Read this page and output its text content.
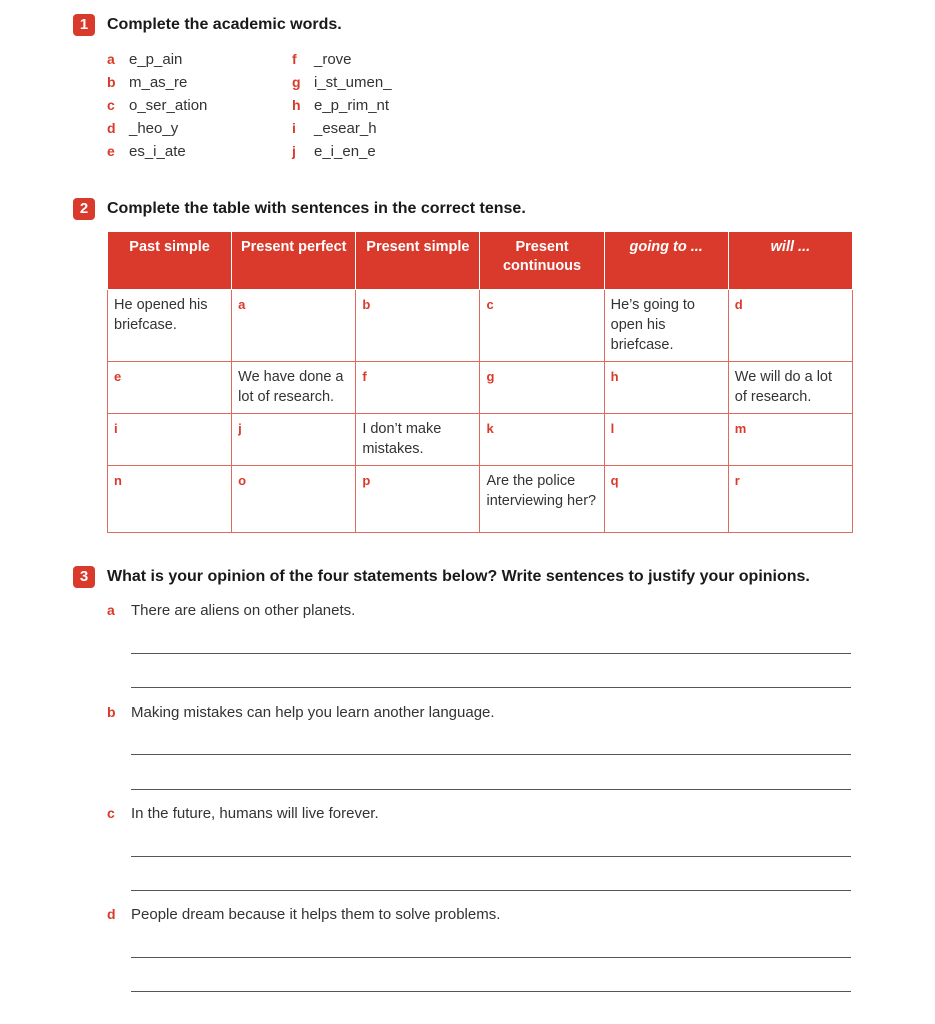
1	Complete the academic words.
a e_p_ain
b m_as_re
c o_ser_ation
d _heo_y
e es_i_ate
f _rove
g i_st_umen_
h e_p_rim_nt
i _esear_h
j e_i_en_e
2	Complete the table with sentences in the correct tense.
Past simple	Present perfect	Present simple	Present continuous	going to ...	will ...
He opened his briefcase.	a	b	c	He’s going to open his briefcase.	d
e	We have done a lot of research.	f	g	h	We will do a lot of research.
i	j	I don’t make mistakes.	k	l	m
n	o	p	Are the police interviewing her?	q	r
3	What is your opinion of the four statements below? Write sentences to justify your opinions.
a There are aliens on other planets.
b Making mistakes can help you learn another language.
c In the future, humans will live forever.
d People dream because it helps them to solve problems.
